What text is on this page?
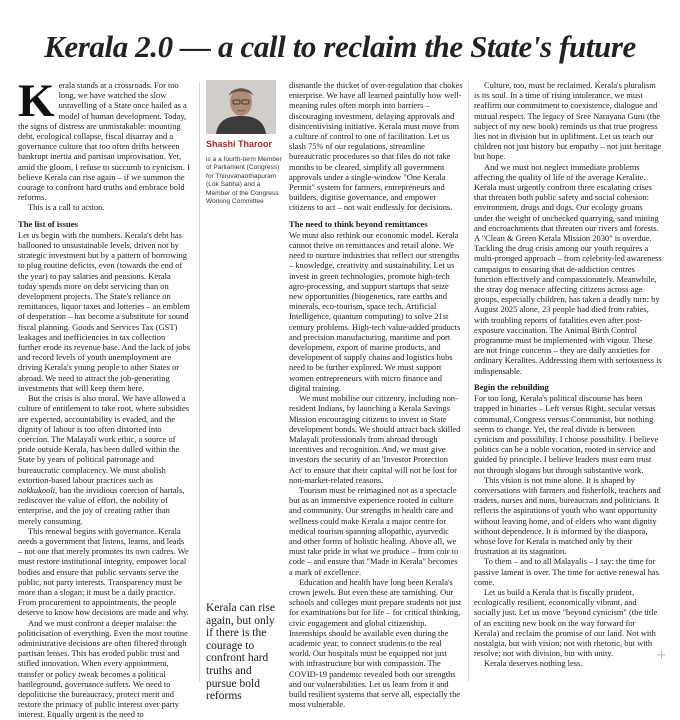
Kerala 2.0 — a call to reclaim the State's future

Kerala stands at a crossroads. For too long, we have watched the slow unravelling of a State once hailed as a model of human development. Today, the signs of distress are unmistakable: mounting debt, ecological collapse, fiscal disarray and a governance culture that too often drifts between bankrupt inertia and partisan improvisation. Yet, amid the gloom, I refuse to succumb to cynicism. I believe Kerala can rise again – if we summon the courage to confront hard truths and embrace bold reforms.

This is a call to action.

The list of issues

Let us begin with the numbers. Kerala's debt has ballooned to unsustainable levels, driven not by strategic investment but by a pattern of borrowing to plug routine deficits, even (towards the end of the year) to pay salaries and pensions. Kerala today spends more on debt servicing than on development projects. The State's reliance on remittances, liquor taxes and lotteries – an emblem of desperation – has become a substitute for sound fiscal planning. Goods and Services Tax (GST) leakages and inefficiencies in tax collection further erode its revenue base. And the lack of jobs and record levels of youth unemployment are driving Kerala's young people to other States or abroad. We need to attract the job-generating investments that will keep them here.

But the crisis is also moral. We have allowed a culture of entitlement to take root, where subsidies are expected, accountability is evaded, and the dignity of labour is too often distorted into coercion. The Malayali work ethic, a source of pride outside Kerala, has been dulled within the State by years of political patronage and bureaucratic complacency. We must abolish extortion-based labour practices such as nokkukooli, ban the invidious coercion of hartals, rediscover the value of effort, the nobility of enterprise, and the joy of creating rather than merely consuming.

This renewal begins with governance. Kerala needs a government that listens, learns, and leads – not one that merely promotes its own cadres. We must restore institutional integrity, empower local bodies and ensure that public servants serve the public, not party interests. Transparency must be more than a slogan; it must be a daily practice. From procurement to appointments, the people deserve to know how decisions are made and why.

And we must confront a deeper malaise: the politicisation of everything. Even the most routine administrative decisions are often filtered through partisan lenses. This has eroded public trust and stifled innovation. When every appointment, transfer or policy tweak becomes a political battleground, governance suffers. We need to depoliticise the bureaucracy, protect merit and restore the primacy of public interest over party interest. Equally urgent is the need to

Shashi Tharoor
is a a fourth-term Member of Parliament (Congress) for Thiruvananthapuram (Lok Sabha) and a Member of the Congress Working Committee
Kerala can rise again, but only if there is the courage to confront hard truths and pursue bold reforms

dismantle the thicket of over-regulation that chokes enterprise. We have all learned painfully how well-meaning rules often morph into barriers – discouraging investment, delaying approvals and disincentivising initiative. Kerala must move from a culture of control to one of facilitation. Let us slash 75% of our regulations, streamline bureaucratic procedures so that files do not take months to be cleared, simplify all government approvals under a single-window "One Kerala Permit" system for farmers, entrepreneurs and builders, digitise governance, and empower citizens to act – not wait endlessly for decisions.

The need to think beyond remittances

We must also rethink our economic model. Kerala cannot thrive on remittances and retail alone. We need to nurture industries that reflect our strengths – knowledge, creativity and sustainability. Let us invest in green technologies, promote high-tech agro-processing, and support startups that seize new opportunities (biogenetics, rare earths and minerals, eco-tourism, space tech, Artificial Intelligence, quantum computing) to solve 21st century problems. High-tech value-added products and precision manufacturing, maritime and port development, export of marine products, and development of supply chains and logistics hubs need to be further explored. We must support women entrepreneurs with micro finance and digital training.

We must mobilise our citizenry, including non-resident Indians, by launching a Kerala Savings Mission encouraging citizens to invest in State development bonds. We should attract back skilled Malayali professionals from abroad through incentives and recognition. And, we must give investors the security of an 'Investor Protection Act' to ensure that their capital will not be lost for non-market-related reasons.

Tourism must be reimagined not as a spectacle but as an immersive experience rooted in culture and community. Our strengths in health care and wellness could make Kerala a major centre for medical tourism spanning allopathic, ayurvedic and other forms of holistic healing. Above all, we must take pride in what we produce – from coir to code – and ensure that "Made in Kerala" becomes a mark of excellence.

Education and health have long been Kerala's crown jewels. But even these are tarnishing. Our schools and colleges must prepare students not just for examinations but for life – for critical thinking, civic engagement and global citizenship. Internships should be available even during the academic year, to connect students to the real world. Our hospitals must be equipped not just with infrastructure but with compassion. The COVID-19 pandemic revealed both our strengths and our vulnerabilities. Let us learn from it and build resilient systems that serve all, especially the most vulnerable.

Culture, too, must be reclaimed. Kerala's pluralism is its soul. In a time of rising intolerance, we must reaffirm our commitment to coexistence, dialogue and mutual respect. The legacy of Sree Narayana Guru (the subject of my new book) reminds us that true progress lies not in division but in upliftment. Let us teach our children not just history but empathy – not just heritage but hope.

And we must not neglect immediate problems affecting the quality of life of the average Keralite. Kerala must urgently confront three escalating crises that threaten both public safety and social cohesion: environment, drugs and dogs. Our ecology groans under the weight of unchecked quarrying, sand mining and encroachments that threaten our rivers and forests. A "Clean & Green Kerala Mission 2030" is overdue. Tackling the drug crisis among our youth requires a multi-pronged approach – from celebrity-led awareness campaigns to ensuring that de-addiction centres function effectively and compassionately. Meanwhile, the stray dog menace affecting citizens across age groups, especially children, has taken a deadly turn: by August 2025 alone, 23 people had died from rabies, with troubling reports of fatalities even after post-exposure vaccination. The Animal Birth Control programme must be implemented with vigour. These are not fringe concerns – they are daily anxieties for ordinary Keralites. Addressing them with seriousness is indispensable.

Begin the rebuilding

For too long, Kerala's political discourse has been trapped in binaries – Left versus Right, secular versus communal, Congress versus Communist, but nothing seems to change. Yet, the real divide is between cynicism and possibility. I choose possibility. I believe politics can be a noble vocation, rooted in service and guided by principle. I believe leaders must earn trust not through slogans but through substantive work.

This vision is not mine alone. It is shaped by conversations with farmers and fisherfolk, teachers and traders, nurses and nuns, bureaucrats and politicians. It reflects the aspirations of youth who want opportunity without leaving home, and of elders who want dignity without dependence. It is informed by the diaspora, whose love for Kerala is matched only by their frustration at its stagnation.

To them – and to all Malayalis – I say: the time for passive lament is over. The time for active renewal has come.

Let us build a Kerala that is fiscally prudent, ecologically resilient, economically vibrant, and socially just. Let us move "beyond cynicism" (the title of an exciting new book on the way forward for Kerala) and reclaim the promise of our land. Not with nostalgia, but with vision; not with rhetoric, but with resolve; not with division, but with unity.

Kerala deserves nothing less.

+
